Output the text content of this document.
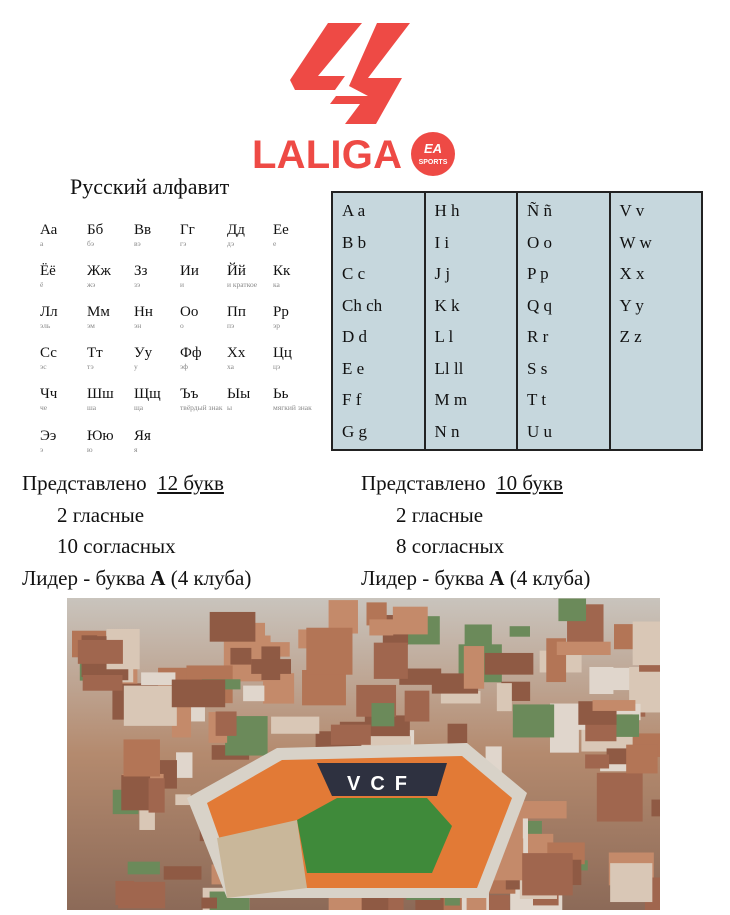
LALIGA EA
SPORTS
Русский алфавит
Аа
а
Бб
бэ
Вв
вэ
Гг
гэ
Дд
дэ
Ее
е
Ёё
ё
Жж
жэ
Зз
зэ
Ии
и
Йй
и краткое
Кк
ка
Лл
эль
Мм
эм
Нн
эн
Оо
о
Пп
пэ
Рр
эр
Сс
эс
Тт
тэ
Уу
у
Фф
эф
Хх
ха
Цц
цэ
Чч
че
Шш
ша
Щщ
ща
Ъъ
твёрдый знак
Ыы
ы
Ьь
мягкий знак
Ээ
э
Юю
ю
Яя
я
A a
B b
C c
Ch ch
D d
E e
F f
G g
H h
I i
J j
K k
L l
Ll ll
M m
N n
Ñ ñ
O o
P p
Q q
R r
S s
T t
U u
V v
W w
X x
Y y
Z z
Представлено 12 букв
2 гласные
10 согласных
Лидер - буква А (4 клуба)
Представлено 10 букв
2 гласные
8 согласных
Лидер - буква А (4 клуба)
VCF
